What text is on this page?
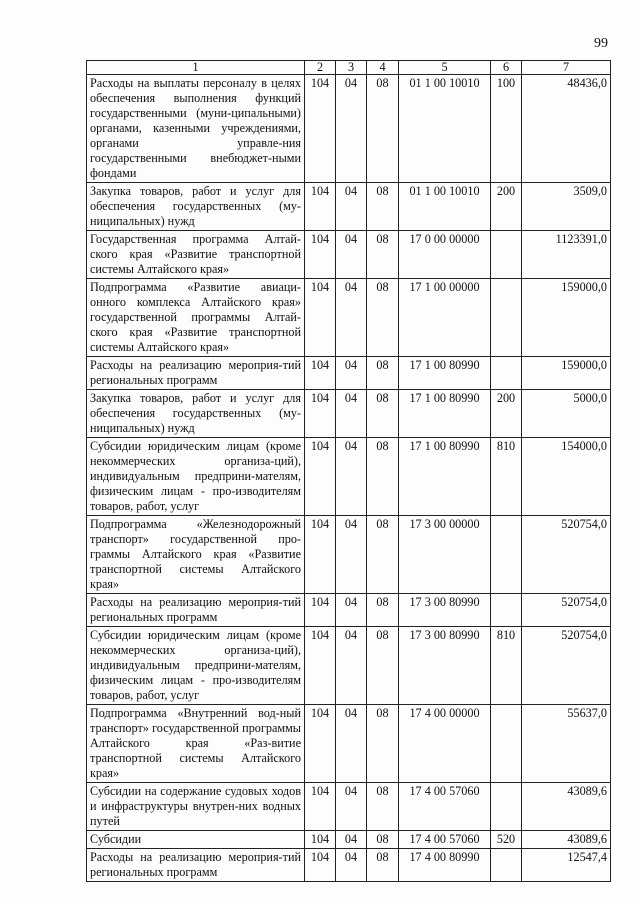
99
1	2	3	4	5	6	7
Расходы на выплаты персоналу в целях обеспечения выполнения функций государственными (муни-ципальными) органами, казенными учреждениями, органами управле-ния государственными внебюджет-ными фондами	104	04	08	01 1 00 10010	100	48436,0
Закупка товаров, работ и услуг для обеспечения государственных (му-ниципальных) нужд	104	04	08	01 1 00 10010	200	3509,0
Государственная программа Алтай-ского края «Развитие транспортной системы Алтайского края»	104	04	08	17 0 00 00000		1123391,0
Подпрограмма «Развитие авиаци-онного комплекса Алтайского края» государственной программы Алтай-ского края «Развитие транспортной системы Алтайского края»	104	04	08	17 1 00 00000		159000,0
Расходы на реализацию мероприя-тий региональных программ	104	04	08	17 1 00 80990		159000,0
Закупка товаров, работ и услуг для обеспечения государственных (му-ниципальных) нужд	104	04	08	17 1 00 80990	200	5000,0
Субсидии юридическим лицам (кроме некоммерческих организа-ций), индивидуальным предприни-мателям, физическим лицам - про-изводителям товаров, работ, услуг	104	04	08	17 1 00 80990	810	154000,0
Подпрограмма «Железнодорожный транспорт» государственной про-граммы Алтайского края «Развитие транспортной системы Алтайского края»	104	04	08	17 3 00 00000		520754,0
Расходы на реализацию мероприя-тий региональных программ	104	04	08	17 3 00 80990		520754,0
Субсидии юридическим лицам (кроме некоммерческих организа-ций), индивидуальным предприни-мателям, физическим лицам - про-изводителям товаров, работ, услуг	104	04	08	17 3 00 80990	810	520754,0
Подпрограмма «Внутренний вод-ный транспорт» государственной программы Алтайского края «Раз-витие транспортной системы Алтайского края»	104	04	08	17 4 00 00000		55637,0
Субсидии на содержание судовых ходов и инфраструктуры внутрен-них водных путей	104	04	08	17 4 00 57060		43089,6
Субсидии	104	04	08	17 4 00 57060	520	43089,6
Расходы на реализацию мероприя-тий региональных программ	104	04	08	17 4 00 80990		12547,4
